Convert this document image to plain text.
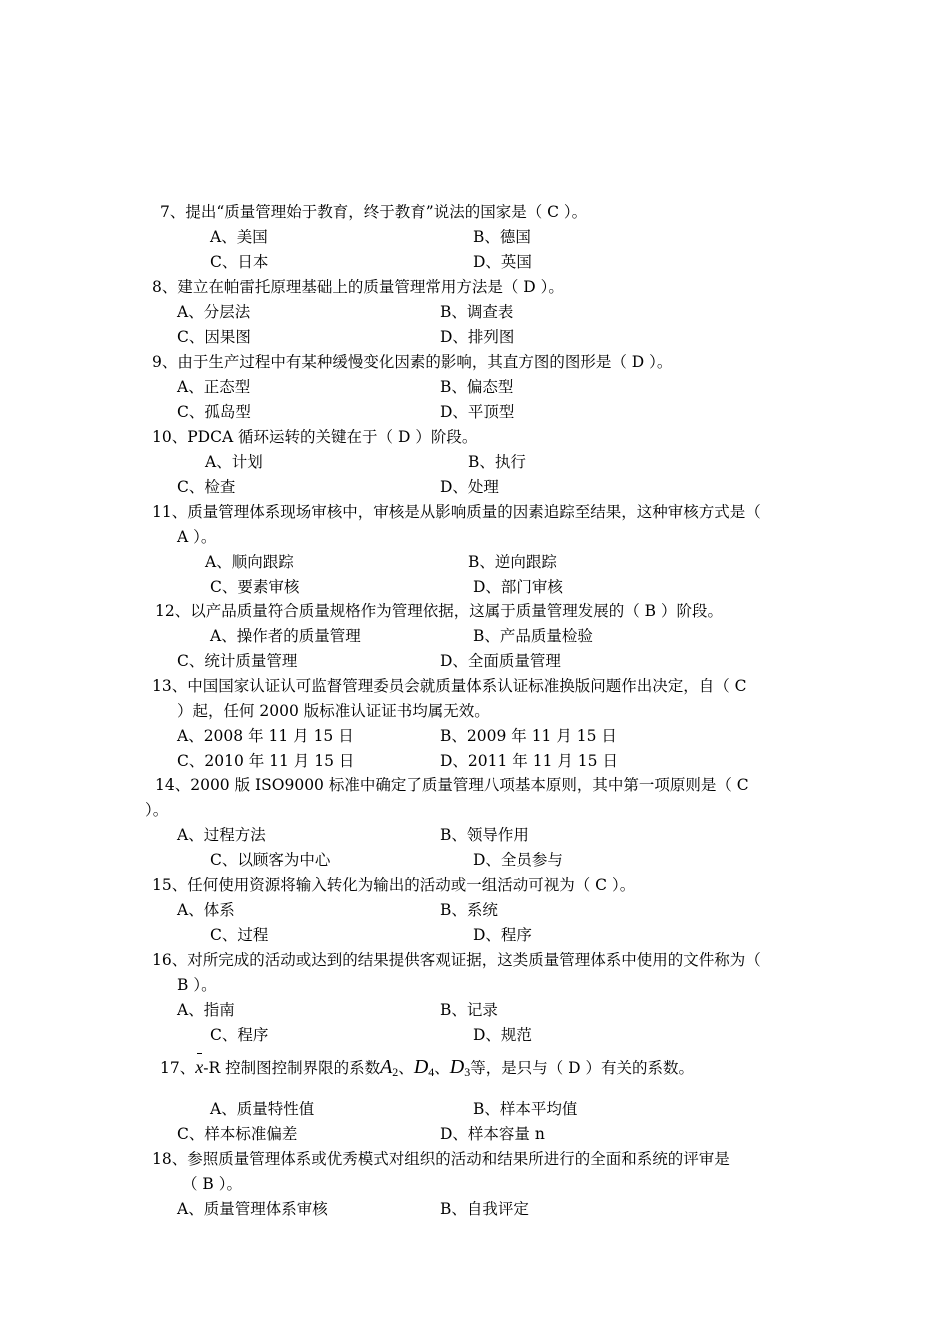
7、提出“质量管理始于教育，终于教育”说法的国家是（ C ）。
A、美国	B、德国
C、日本	D、英国
8、建立在帕雷托原理基础上的质量管理常用方法是（ D ）。
A、分层法	B、调查表
C、因果图	D、排列图
9、由于生产过程中有某种缓慢变化因素的影响，其直方图的图形是（ D ）。
A、正态型	B、偏态型
C、孤岛型	D、平顶型
10、PDCA 循环运转的关键在于（ D ）阶段。
A、计划	B、执行
C、检查	D、处理
11、质量管理体系现场审核中，审核是从影响质量的因素追踪至结果，这种审核方式是（
A ）。
A、顺向跟踪	B、逆向跟踪
C、要素审核	D、部门审核
12、以产品质量符合质量规格作为管理依据，这属于质量管理发展的（ B ）阶段。
A、操作者的质量管理	B、产品质量检验
C、统计质量管理	D、全面质量管理
13、中国国家认证认可监督管理委员会就质量体系认证标准换版问题作出决定，自（ C
）起，任何 2000 版标准认证证书均属无效。
A、2008 年 11 月 15 日	B、2009 年 11 月 15 日
C、2010 年 11 月 15 日	D、2011 年 11 月 15 日
14、2000 版 ISO9000 标准中确定了质量管理八项基本原则，其中第一项原则是（ C
）。
A、过程方法	B、领导作用
C、以顾客为中心	D、全员参与
15、任何使用资源将输入转化为输出的活动或一组活动可视为（ C ）。
A、体系	B、系统
C、过程	D、程序
16、对所完成的活动或达到的结果提供客观证据，这类质量管理体系中使用的文件称为（
B ）。
A、指南	B、记录
C、程序	D、规范
17、x-R 控制图控制界限的系数$A_2$、$D_4$、$D_3$等，是只与（ D ）有关的系数。
A、质量特性值	B、样本平均值
C、样本标准偏差	D、样本容量 n
18、参照质量管理体系或优秀模式对组织的活动和结果所进行的全面和系统的评审是
（ B ）。
A、质量管理体系审核	B、自我评定
